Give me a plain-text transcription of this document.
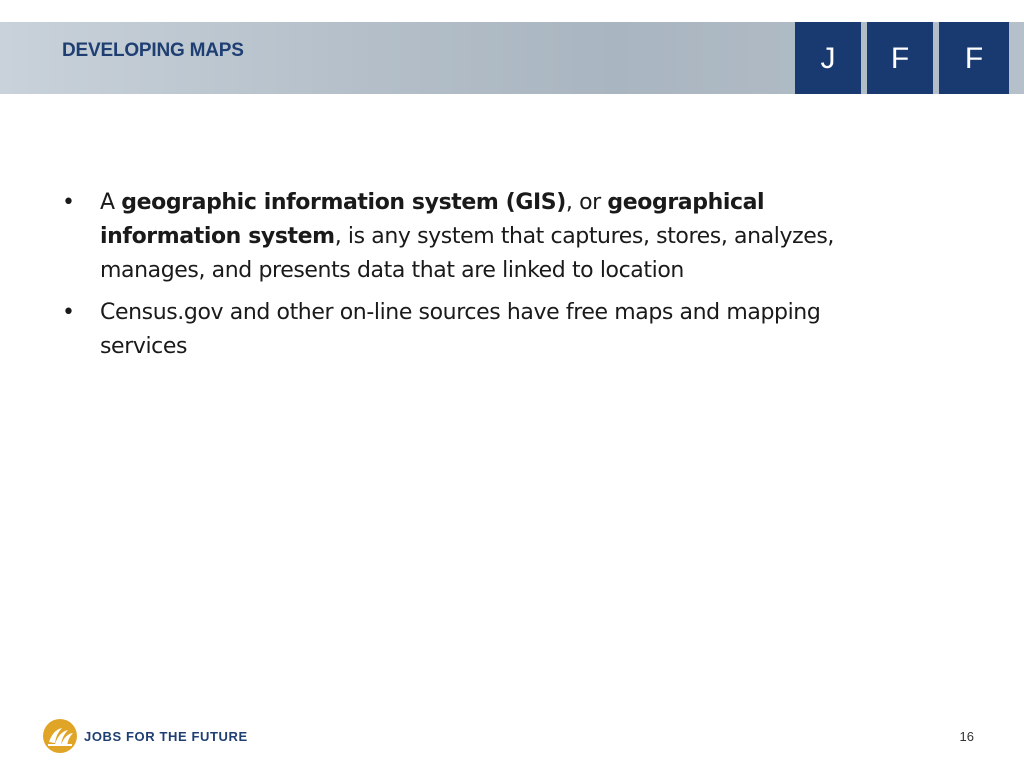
DEVELOPING MAPS	J	F	F
• A geographic information system (GIS), or geographical information system, is any system that captures, stores, analyzes, manages, and presents data that are linked to location
• Census.gov and other on-line sources have free maps and mapping services
JOBS FOR THE FUTURE	16
